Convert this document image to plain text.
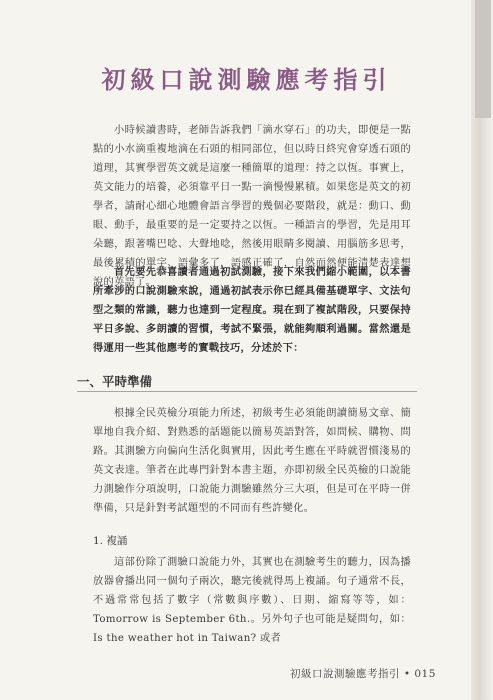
初級口說測驗應考指引

小時候讀書時，老師告訴我們「滴水穿石」的功夫，即便是一點點的小水滴重複地滴在石頭的相同部位，但以時日終究會穿透石頭的道理，其實學習英文就是這麼一種簡單的道理：持之以恆。事實上，英文能力的培養，必須靠平日一點一滴慢慢累積。如果您是英文的初學者，請耐心細心地體會語言學習的幾個必要階段，就是：動口、動眼、動手，最重要的是一定要持之以恆。一種語言的學習，先是用耳朵聽，跟著嘴巴唸、大聲地唸，然後用眼睛多閱讀、用腦筋多思考，最後累積的單字、語彙多了，語感正確了，自然而然便能清楚表達想說的英語了。

首先要先恭喜讀者通過初試測驗，接下來我們縮小範圍，以本書所牽涉的口說測驗來說，通過初試表示你已經具備基礎單字、文法句型之類的常識，聽力也達到一定程度。現在到了複試階段，只要保持平日多說、多朗讀的習慣，考試不緊張，就能夠順利過關。當然還是得運用一些其他應考的實戰技巧，分述於下：

一、平時準備

根據全民英檢分項能力所述，初級考生必須能朗讀簡易文章、簡單地自我介紹、對熟悉的話題能以簡易英語對答，如問候、購物、問路。其測驗方向偏向生活化與實用，因此考生應在平時就習慣淺易的英文表達。筆者在此專門針對本書主題，亦即初級全民英檢的口說能力測驗作分項說明，口說能力測驗雖然分三大項，但是可在平時一併準備，只是針對考試題型的不同而有些許變化。

1. 複誦

這部份除了測驗口說能力外，其實也在測驗考生的聽力，因為播放器會播出同一個句子兩次，聽完後就得馬上複誦。句子通常不長，不過常常包括了數字（常數與序數）、日期、縮寫等等，如：Tomorrow is September 6th.。另外句子也可能是疑問句，如：Is the weather hot in Taiwan? 或者

初級口說測驗應考指引 • 015
